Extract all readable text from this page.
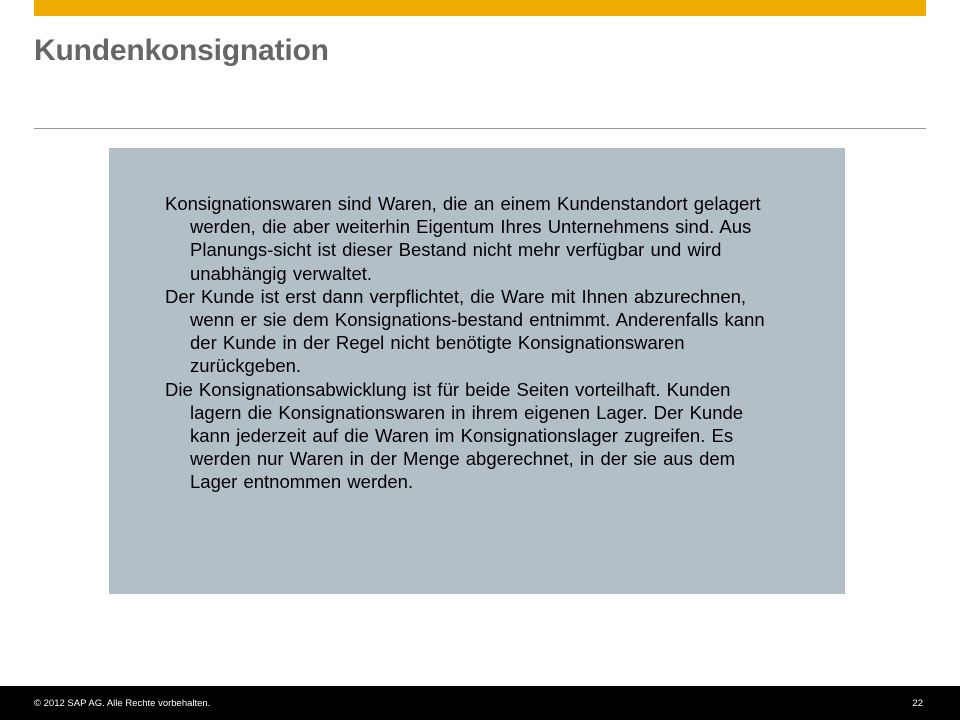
Kundenkonsignation
Konsignationswaren sind Waren, die an einem Kundenstandort gelagert werden, die aber weiterhin Eigentum Ihres Unternehmens sind. Aus Planungs-sicht ist dieser Bestand nicht mehr verfügbar und wird unabhängig verwaltet.
Der Kunde ist erst dann verpflichtet, die Ware mit Ihnen abzurechnen, wenn er sie dem Konsignations-bestand entnimmt. Anderenfalls kann der Kunde in der Regel nicht benötigte Konsignationswaren zurückgeben.
Die Konsignationsabwicklung ist für beide Seiten vorteilhaft. Kunden lagern die Konsignationswaren in ihrem eigenen Lager. Der Kunde kann jederzeit auf die Waren im Konsignationslager zugreifen. Es werden nur Waren in der Menge abgerechnet, in der sie aus dem Lager entnommen werden.
© 2012 SAP AG. Alle Rechte vorbehalten.	22
